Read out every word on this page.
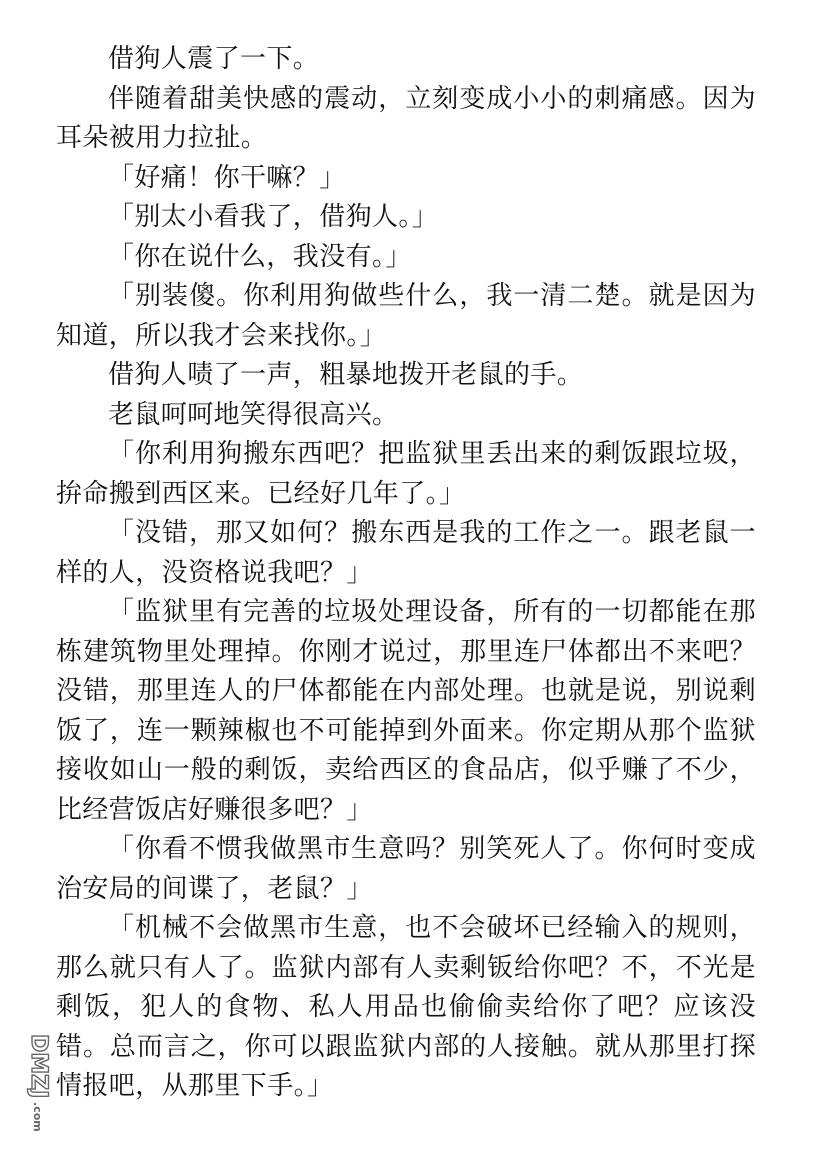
借狗人震了一下。

伴随着甜美快感的震动，立刻变成小小的刺痛感。因为耳朵被用力拉扯。

「好痛！你干嘛？」

「别太小看我了，借狗人。」

「你在说什么，我没有。」

「别装傻。你利用狗做些什么，我一清二楚。就是因为知道，所以我才会来找你。」

借狗人啧了一声，粗暴地拨开老鼠的手。

老鼠呵呵地笑得很高兴。

「你利用狗搬东西吧？把监狱里丢出来的剩饭跟垃圾，拚命搬到西区来。已经好几年了。」

「没错，那又如何？搬东西是我的工作之一。跟老鼠一样的人，没资格说我吧？」

「监狱里有完善的垃圾处理设备，所有的一切都能在那栋建筑物里处理掉。你刚才说过，那里连尸体都出不来吧？没错，那里连人的尸体都能在内部处理。也就是说，别说剩饭了，连一颗辣椒也不可能掉到外面来。你定期从那个监狱接收如山一般的剩饭，卖给西区的食品店，似乎赚了不少，比经营饭店好赚很多吧？」

「你看不惯我做黑市生意吗？别笑死人了。你何时变成治安局的间谍了，老鼠？」

「机械不会做黑市生意，也不会破坏已经输入的规则，那么就只有人了。监狱内部有人卖剩钣给你吧？不，不光是剩饭，犯人的食物、私人用品也偷偷卖给你了吧？应该没错。总而言之，你可以跟监狱内部的人接触。就从那里打探情报吧，从那里下手。」

DMZJ
.com
